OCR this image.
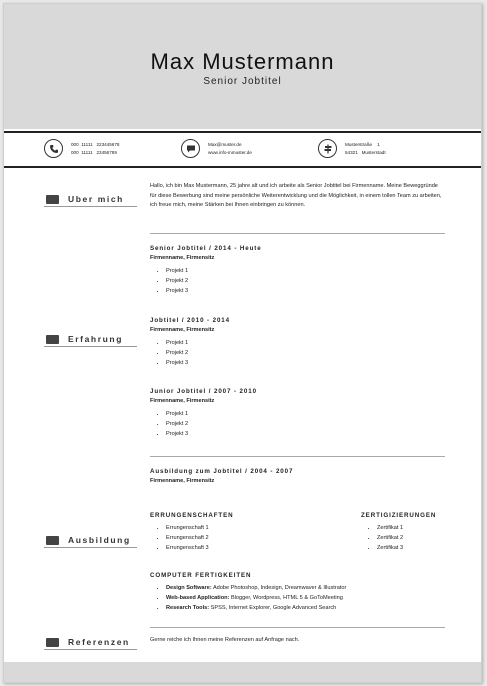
Max Mustermann
Senior Jobtitel
000  11111   223445678
000  11111   23456789
Max@muster.de
www.info-mmuster.de
Musterstraße    1
54321   Musterstadt
Uber mich
Hallo, ich bin Max Mustermann, 25 jahre alt und ich arbeite als Senior Jobtitel bei Firmenname. Meine Beweggründe für diese Bewerbung sind meine persönliche Weiterentwicklung und die Möglichkeit, in einem tollen Team zu arbeiten, ich freue mich, meine Stärken bei Ihnen einbringen zu können.
Erfahrung
Senior Jobtitel / 2014 - Heute
Firmenname, Firmensitz
• Projekt 1
• Projekt 2
• Projekt 3
Jobtitel / 2010 - 2014
Firmenname, Firmensitz
• Projekt 1
• Projekt 2
• Projekt 3
Junior Jobtitel / 2007 - 2010
Firmenname, Firmensitz
• Projekt 1
• Projekt 2
• Projekt 3
Ausbildung
Ausbildung zum Jobtitel / 2004 - 2007
Firmenname, Firmensitz
ERRUNGENSCHAFTEN
• Errungenschaft 1
• Errungenschaft 2
• Errungenschaft 3
ZERTIGIZIERUNGEN
• Zertifikat 1
• Zertifikat 2
• Zertifikat 3
COMPUTER FERTIGKEITEN
• Design Software: Adobe Photoshop, Indesign, Dreamwaver & Illustrator
• Web-based Application: Blogger, Wordpress, HTML 5 & GoToMeeting
• Research Tools: SPSS, Internet Explorer, Google Advanced Search
Referenzen	Gerne reiche ich Ihnen meine Referenzen auf Anfrage nach.
